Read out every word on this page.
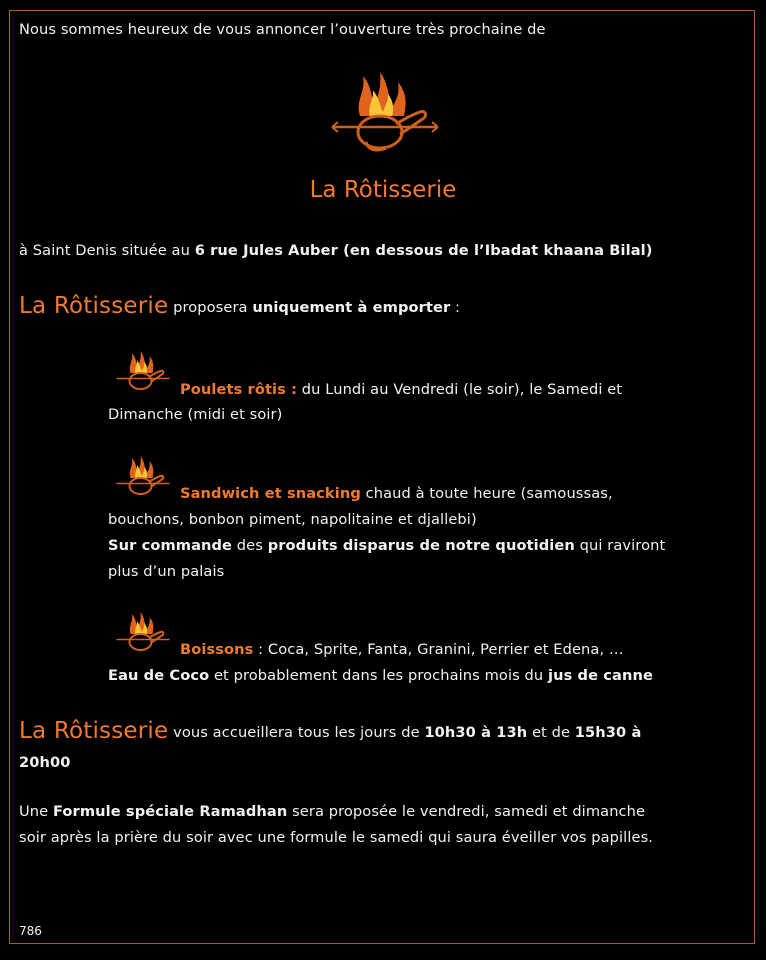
Nous sommes heureux de vous annoncer l’ouverture très prochaine de
La Rôtisserie
à Saint Denis située au 6 rue Jules Auber (en dessous de l’Ibadat khaana Bilal)
La Rôtisserie proposera uniquement à emporter :
Poulets rôtis : du Lundi au Vendredi (le soir), le Samedi et
Dimanche (midi et soir)
Sandwich et snacking chaud à toute heure (samoussas,
bouchons, bonbon piment, napolitaine et djallebi)
Sur commande des produits disparus de notre quotidien qui raviront
plus d’un palais
Boissons : Coca, Sprite, Fanta, Granini, Perrier et Edena, …
Eau de Coco et probablement dans les prochains mois du jus de canne
La Rôtisserie vous accueillera tous les jours de 10h30 à 13h et de 15h30 à
20h00
Une Formule spéciale Ramadhan sera proposée le vendredi, samedi et dimanche
soir après la prière du soir avec une formule le samedi qui saura éveiller vos papilles.
786
